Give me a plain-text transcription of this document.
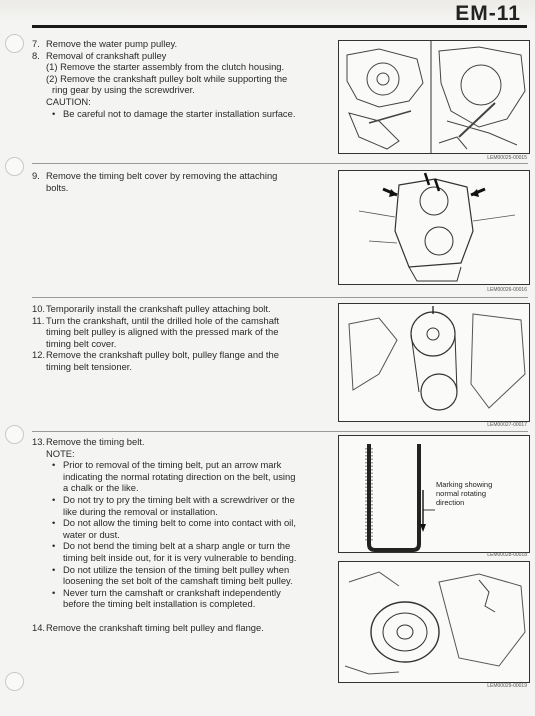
EM-11
7. Remove the water pump pulley.
8. Removal of crankshaft pulley
(1) Remove the starter assembly from the clutch housing.
(2) Remove the crankshaft pulley bolt while supporting the
ring gear by using the screwdriver.
CAUTION:
• Be careful not to damage the starter installation surface.
LEM00025-00015
9. Remove the timing belt cover by removing the attaching
bolts.
LEM00026-00016
10.Temporarily install the crankshaft pulley attaching bolt.
11. Turn the crankshaft, until the drilled hole of the camshaft
timing belt pulley is aligned with the pressed mark of the
timing belt cover.
12.Remove the crankshaft pulley bolt, pulley flange and the
timing belt tensioner.
LEM00027-00017
13.Remove the timing belt.
NOTE:
• Prior to removal of the timing belt, put an arrow mark
indicating the normal rotating direction on the belt, using
a chalk or the like.
• Do not try to pry the timing belt with a screwdriver or the
like during the removal or installation.
• Do not allow the timing belt to come into contact with oil,
water or dust.
• Do not bend the timing belt at a sharp angle or turn the
timing belt inside out, for it is very vulnerable to bending.
• Do not utilize the tension of the timing belt pulley when
loosening the set bolt of the camshaft timing belt pulley.
• Never turn the camshaft or crankshaft independently
before the timing belt installation is completed.
14.Remove the crankshaft timing belt pulley and flange.
Marking showing
normal rotating
direction
LEM00028-00018
LEM00029-00019
